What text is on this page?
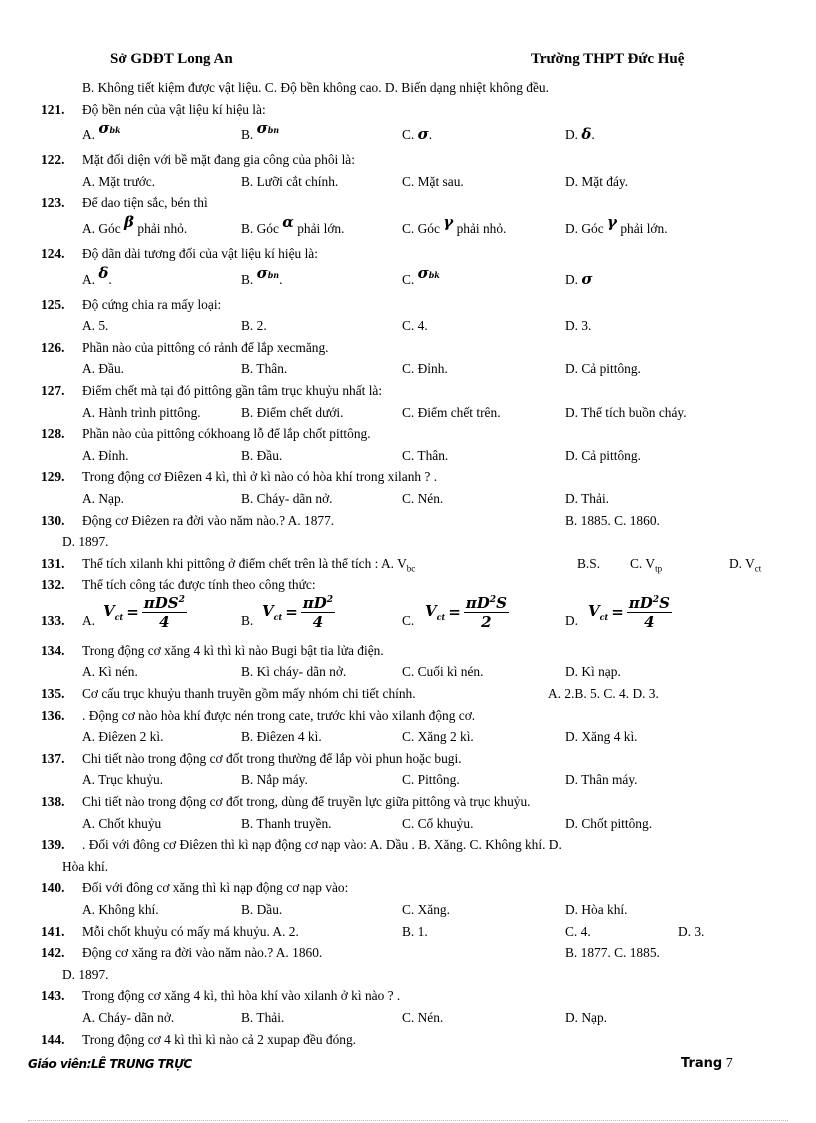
Sở GDĐT Long An	Trường THPT Đức Huệ
B. Không tiết kiệm được vật liệu. C. Độ bền không cao. D. Biến dạng nhiệt không đều.
121. Độ bền nén của vật liệu kí hiệu là:
A. σbk	B. σbn	C. σ.	D. δ.
122. Mặt đối diện với bề mặt đang gia công của phôi là:
A. Mặt trước.	B. Lưỡi cắt chính.	C. Mặt sau.	D. Mặt đáy.
123. Để dao tiện sắc, bén thì
A. Góc β phải nhỏ.	B. Góc α phải lớn.	C. Góc γ phải nhỏ.	D. Góc γ phải lớn.
124. Độ dãn dài tương đối của vật liệu kí hiệu là:
A. δ.	B. σbn.	C. σbk	D. σ
125. Độ cứng chia ra mấy loại:
A. 5.	B. 2.	C. 4.	D. 3.
126. Phần nào của pittông có rảnh để lắp xecmăng.
A. Đầu.	B. Thân.	C. Đỉnh.	D. Cả pittông.
127. Điểm chết mà tại đó pittông gần tâm trục khuỷu nhất là:
A. Hành trình pittông.	B. Điểm chết dưới.	C. Điểm chết trên.	D. Thể tích buồn cháy.
128. Phần nào của pittông cókhoang lỗ để lắp chốt pittông.
A. Đỉnh.	B. Đầu.	C. Thân.	D. Cả pittông.
129. Trong động cơ Điêzen 4 kì, thì ở kì nào có hòa khí trong xilanh ? .
A. Nạp.	B. Cháy- dãn nở.	C. Nén.	D. Thải.
130. Động cơ Điêzen ra đời vào năm nào.? A. 1877.	B. 1885. C. 1860.
D. 1897.
131. Thể tích xilanh khi pittông ở điểm chết trên là thể tích : A. $V_{bc}$	B.S. C. $V_{tp}$	D. $V_{ct}$
132. Thể tích công tác được tính theo công thức:
133. A. $V_{ct} = \frac{\pi DS^2}{4}$	B. $V_{ct} = \frac{\pi D^2}{4}$	C. $V_{ct} = \frac{\pi D^2S}{2}$	D. $V_{ct} = \frac{\pi D^2S}{4}$
134. Trong động cơ xăng 4 kì thì kì nào Bugi bật tia lửa điện.
A. Kì nén.	B. Kì cháy- dãn nở.	C. Cuối kì nén.	D. Kì nạp.
135. Cơ cấu trục khuỷu thanh truyền gồm mấy nhóm chi tiết chính.	A. 2.B. 5. C. 4. D. 3.
136. . Động cơ nào hòa khí được nén trong cate, trước khi vào xilanh động cơ.
A. Điêzen 2 kì.	B. Điêzen 4 kì.	C. Xăng 2 kì.	D. Xăng 4 kì.
137. Chi tiết nào trong động cơ đốt trong thường để lắp vòi phun hoặc bugi.
A. Trục khuỷu.	B. Nắp máy.	C. Pittông.	D. Thân máy.
138. Chi tiết nào trong động cơ đốt trong, dùng để truyền lực giữa pittông và trục khuỷu.
A. Chốt khuỷu	B. Thanh truyền.	C. Cổ khuỷu.	D. Chốt pittông.
139. . Đối với đông cơ Điêzen thì kì nạp động cơ nạp vào: A. Dầu . B. Xăng. C. Không khí. D.
Hòa khí.
140. Đối với đông cơ xăng thì kì nạp động cơ nạp vào:
A. Không khí.	B. Dầu.	C. Xăng.	D. Hòa khí.
141. Mỗi chốt khuỷu có mấy má khuỷu. A. 2.	B. 1.	C. 4.	D. 3.
142. Động cơ xăng ra đời vào năm nào.? A. 1860.	B. 1877. C. 1885.
D. 1897.
143. Trong động cơ xăng 4 kì, thì hòa khí vào xilanh ở kì nào ? .
A. Cháy- dãn nở.	B. Thải.	C. Nén.	D. Nạp.
144. Trong động cơ 4 kì thì kì nào cả 2 xupap đều đóng.
Giáo viên:LÊ TRUNG TRỰC	Trang 7
